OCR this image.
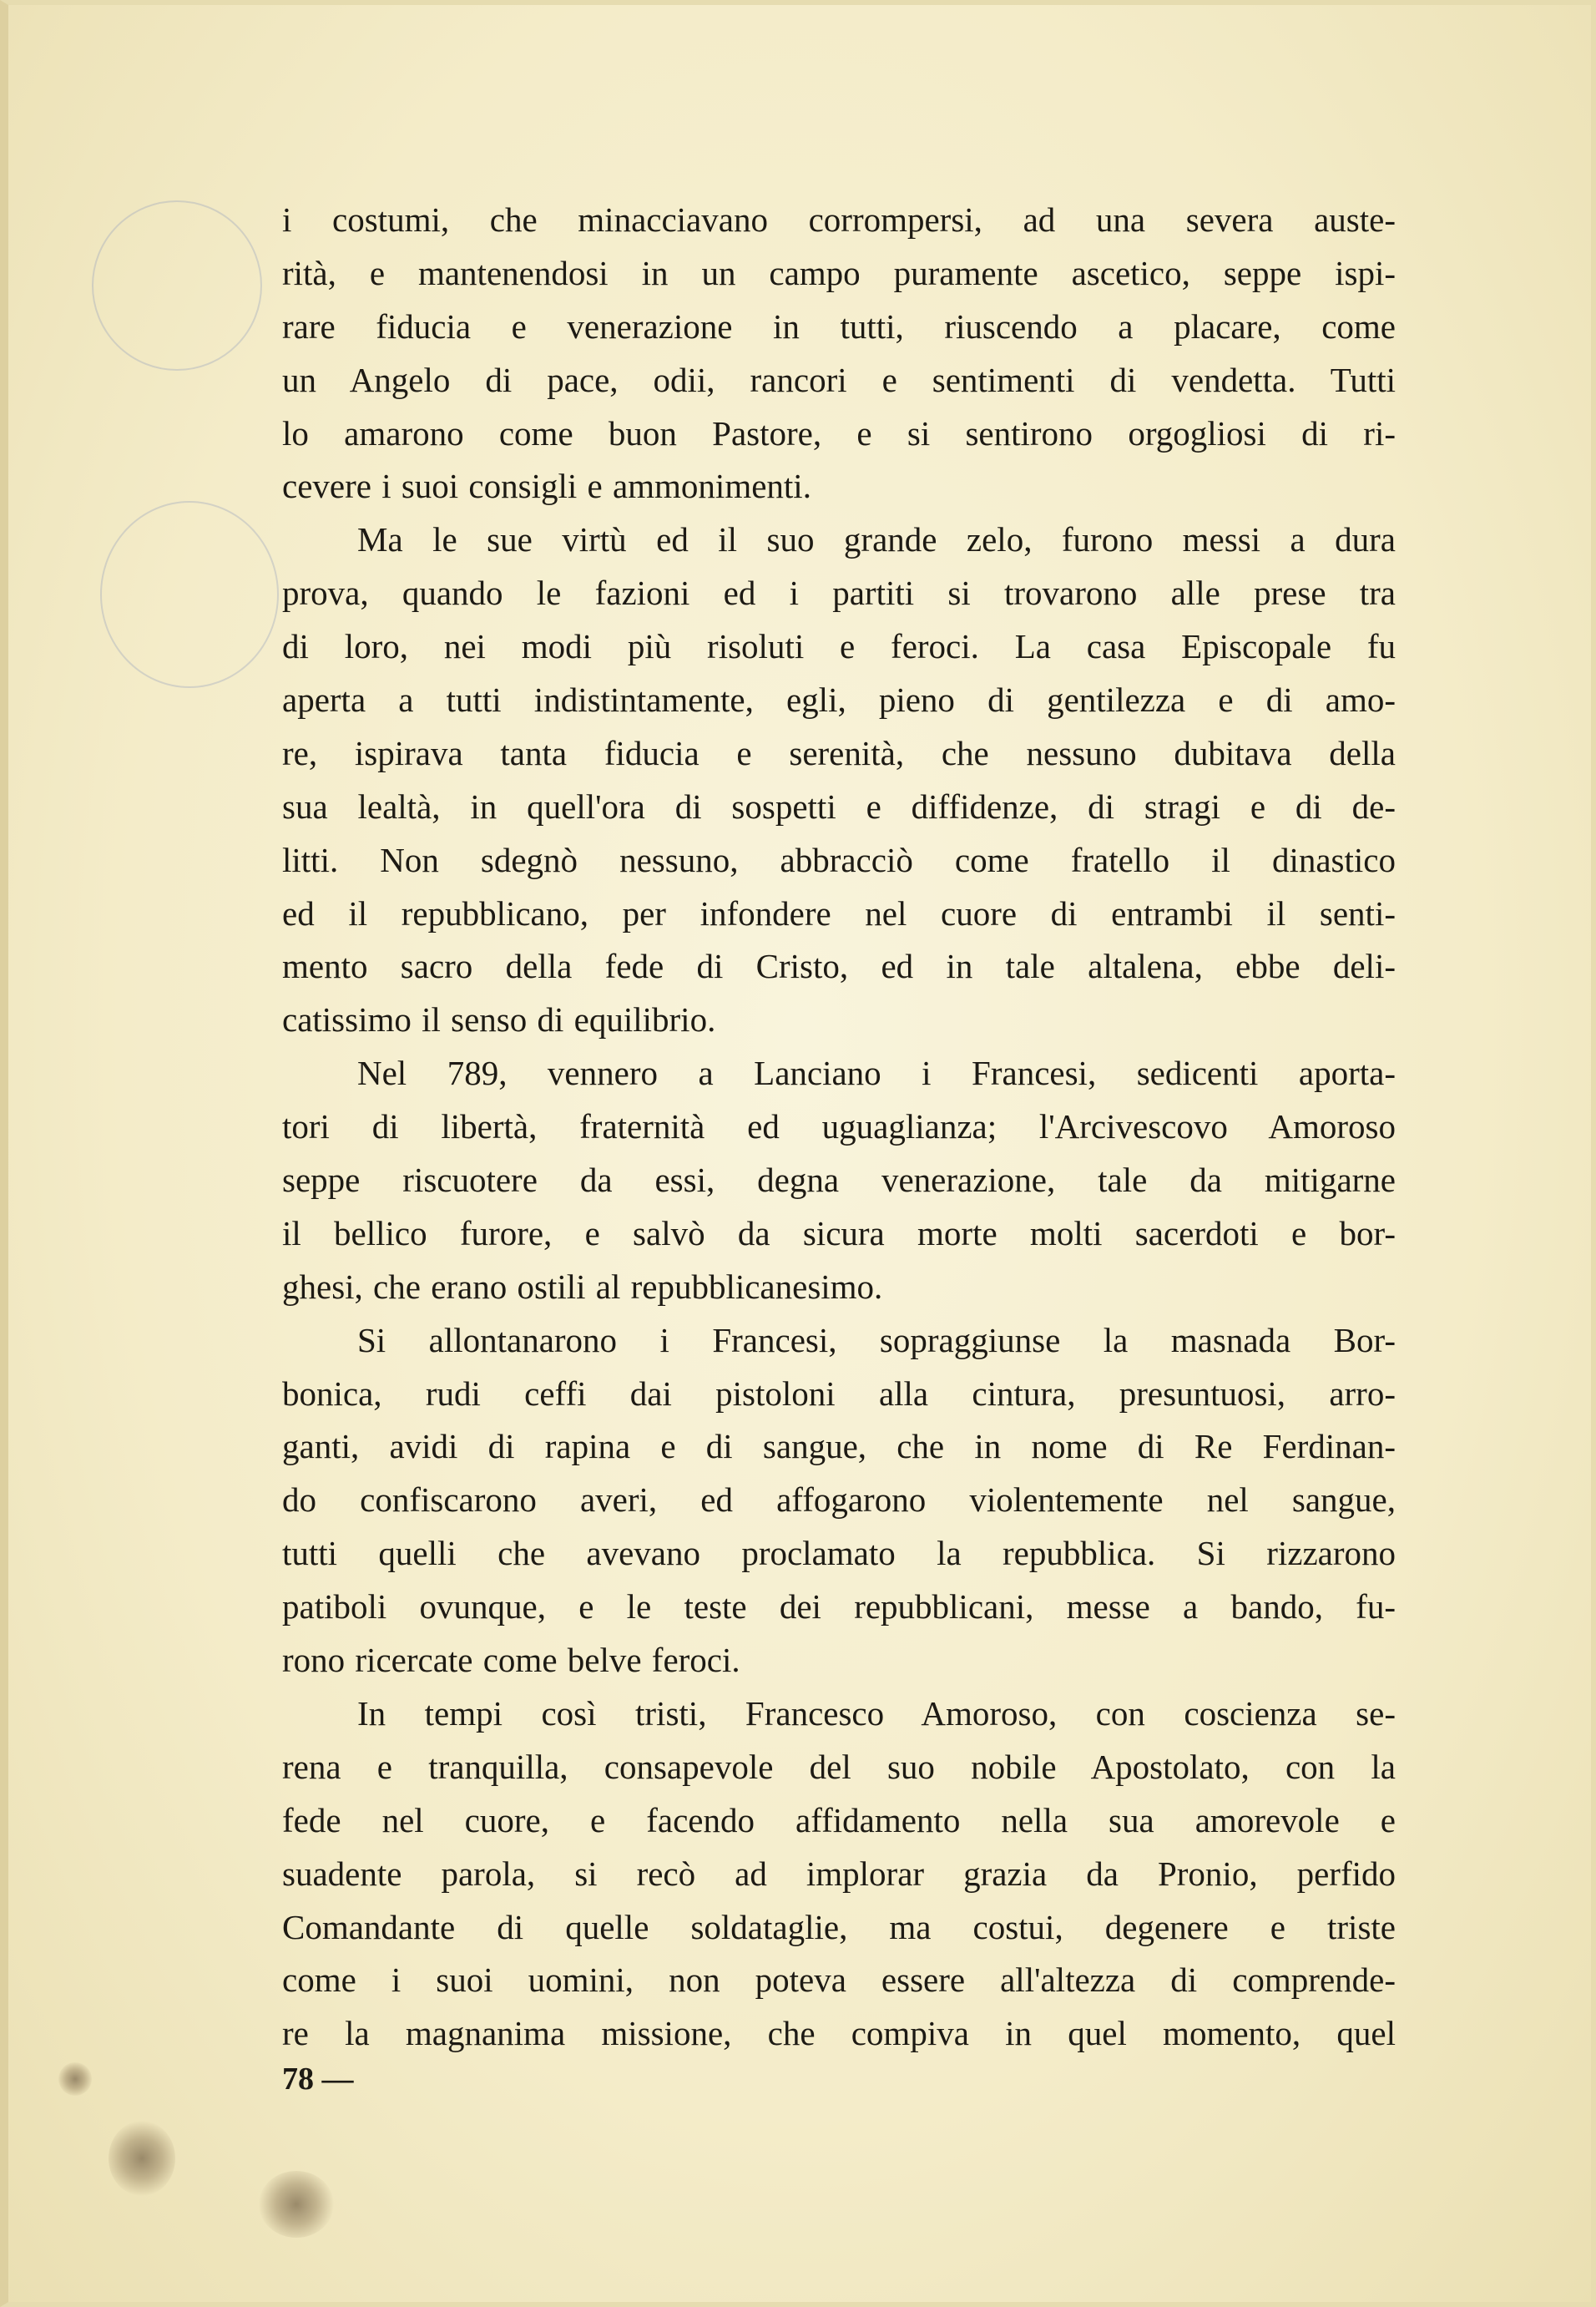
i costumi, che minacciavano corrompersi, ad una severa auste-
rità, e mantenendosi in un campo puramente ascetico, seppe ispi-
rare fiducia e venerazione in tutti, riuscendo a placare, come
un Angelo di pace, odii, rancori e sentimenti di vendetta. Tutti
lo amarono come buon Pastore, e si sentirono orgogliosi di ri-
cevere i suoi consigli e ammonimenti.
Ma le sue virtù ed il suo grande zelo, furono messi a dura
prova, quando le fazioni ed i partiti si trovarono alle prese tra
di loro, nei modi più risoluti e feroci. La casa Episcopale fu
aperta a tutti indistintamente, egli, pieno di gentilezza e di amo-
re, ispirava tanta fiducia e serenità, che nessuno dubitava della
sua lealtà, in quell'ora di sospetti e diffidenze, di stragi e di de-
litti. Non sdegnò nessuno, abbracciò come fratello il dinastico
ed il repubblicano, per infondere nel cuore di entrambi il senti-
mento sacro della fede di Cristo, ed in tale altalena, ebbe deli-
catissimo il senso di equilibrio.
Nel 789, vennero a Lanciano i Francesi, sedicenti aporta-
tori di libertà, fraternità ed uguaglianza; l'Arcivescovo Amoroso
seppe riscuotere da essi, degna venerazione, tale da mitigarne
il bellico furore, e salvò da sicura morte molti sacerdoti e bor-
ghesi, che erano ostili al repubblicanesimo.
Si allontanarono i Francesi, sopraggiunse la masnada Bor-
bonica, rudi ceffi dai pistoloni alla cintura, presuntuosi, arro-
ganti, avidi di rapina e di sangue, che in nome di Re Ferdinan-
do confiscarono averi, ed affogarono violentemente nel sangue,
tutti quelli che avevano proclamato la repubblica. Si rizzarono
patiboli ovunque, e le teste dei repubblicani, messe a bando, fu-
rono ricercate come belve feroci.
In tempi così tristi, Francesco Amoroso, con coscienza se-
rena e tranquilla, consapevole del suo nobile Apostolato, con la
fede nel cuore, e facendo affidamento nella sua amorevole e
suadente parola, si recò ad implorar grazia da Pronio, perfido
Comandante di quelle soldataglie, ma costui, degenere e triste
come i suoi uomini, non poteva essere all'altezza di comprende-
re la magnanima missione, che compiva in quel momento, quel
78 —
